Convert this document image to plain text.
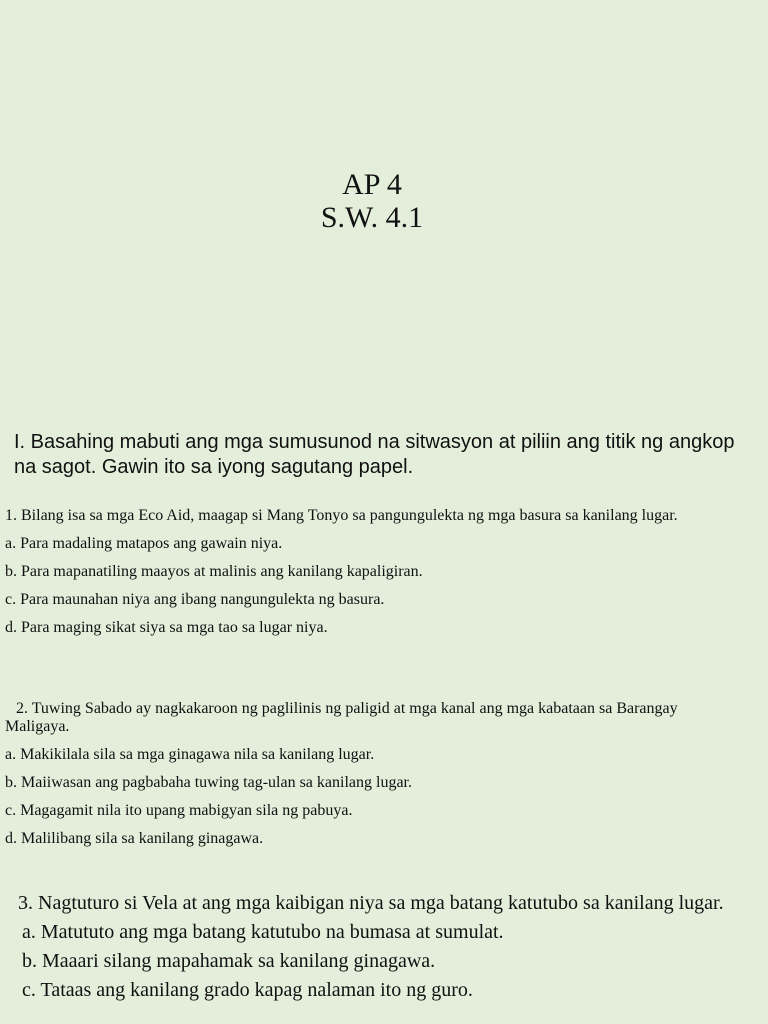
AP 4
S.W. 4.1
I. Basahing mabuti ang mga sumusunod na sitwasyon at piliin ang titik ng angkop na sagot. Gawin ito sa iyong sagutang papel.

1. Bilang isa sa mga Eco Aid, maagap si Mang Tonyo sa pangungulekta ng mga basura sa kanilang lugar.

a. Para madaling matapos ang gawain niya.

b. Para mapanatiling maayos at malinis ang kanilang kapaligiran.

c. Para maunahan niya ang ibang nangungulekta ng basura.

d. Para maging sikat siya sa mga tao sa lugar niya.

2. Tuwing Sabado ay nagkakaroon ng paglilinis ng paligid at mga kanal ang mga kabataan sa Barangay Maligaya.

a. Makikilala sila sa mga ginagawa nila sa kanilang lugar.

b. Maiiwasan ang pagbabaha tuwing tag-ulan sa kanilang lugar.

c. Magagamit nila ito upang mabigyan sila ng pabuya.

d. Malilibang sila sa kanilang ginagawa.

3. Nagtuturo si Vela at ang mga kaibigan niya sa mga batang katutubo sa kanilang lugar.
a. Matututo ang mga batang katutubo na bumasa at sumulat.
b. Maaari silang mapahamak sa kanilang ginagawa.
c. Tataas ang kanilang grado kapag nalaman ito ng guro.
